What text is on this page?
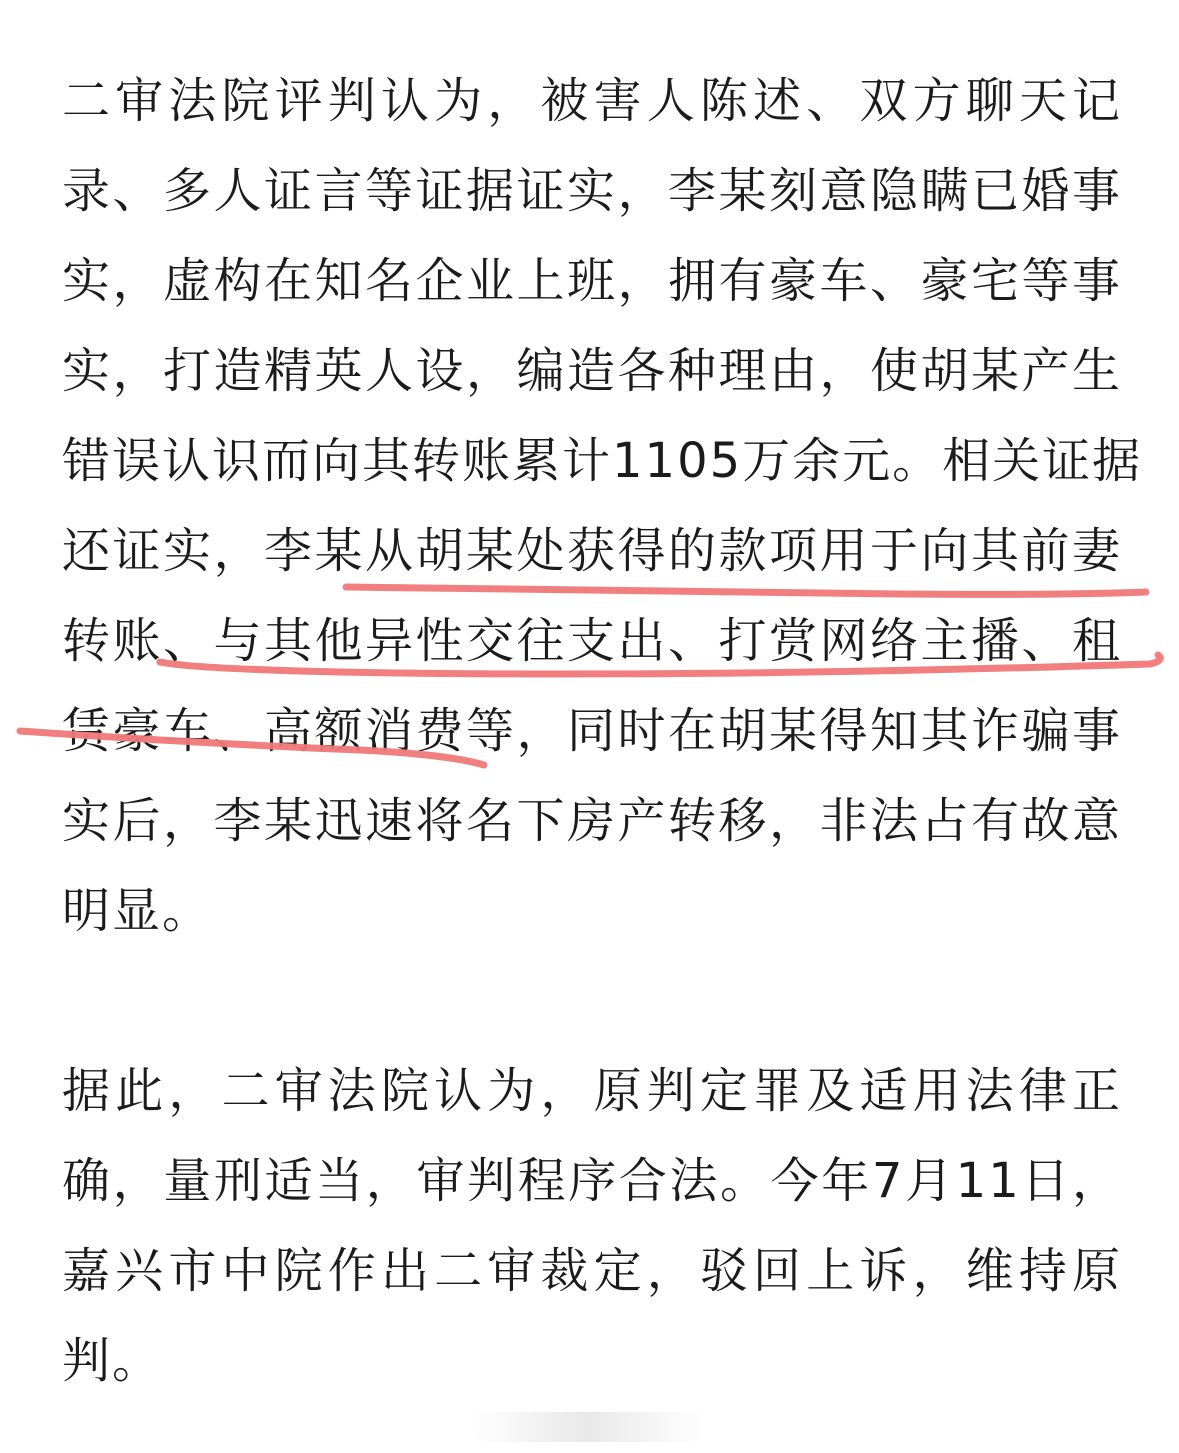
二审法院评判认为，被害人陈述、双方聊天记
录、多人证言等证据证实，李某刻意隐瞒已婚事
实，虚构在知名企业上班，拥有豪车、豪宅等事
实，打造精英人设，编造各种理由，使胡某产生
错误认识而向其转账累计1105万余元。相关证据
还证实，李某从胡某处获得的款项用于向其前妻
转账、与其他异性交往支出、打赏网络主播、租
赁豪车、高额消费等，同时在胡某得知其诈骗事
实后，李某迅速将名下房产转移，非法占有故意
明显。
据此，二审法院认为，原判定罪及适用法律正
确，量刑适当，审判程序合法。今年7月11日，
嘉兴市中院作出二审裁定，驳回上诉，维持原
判。
